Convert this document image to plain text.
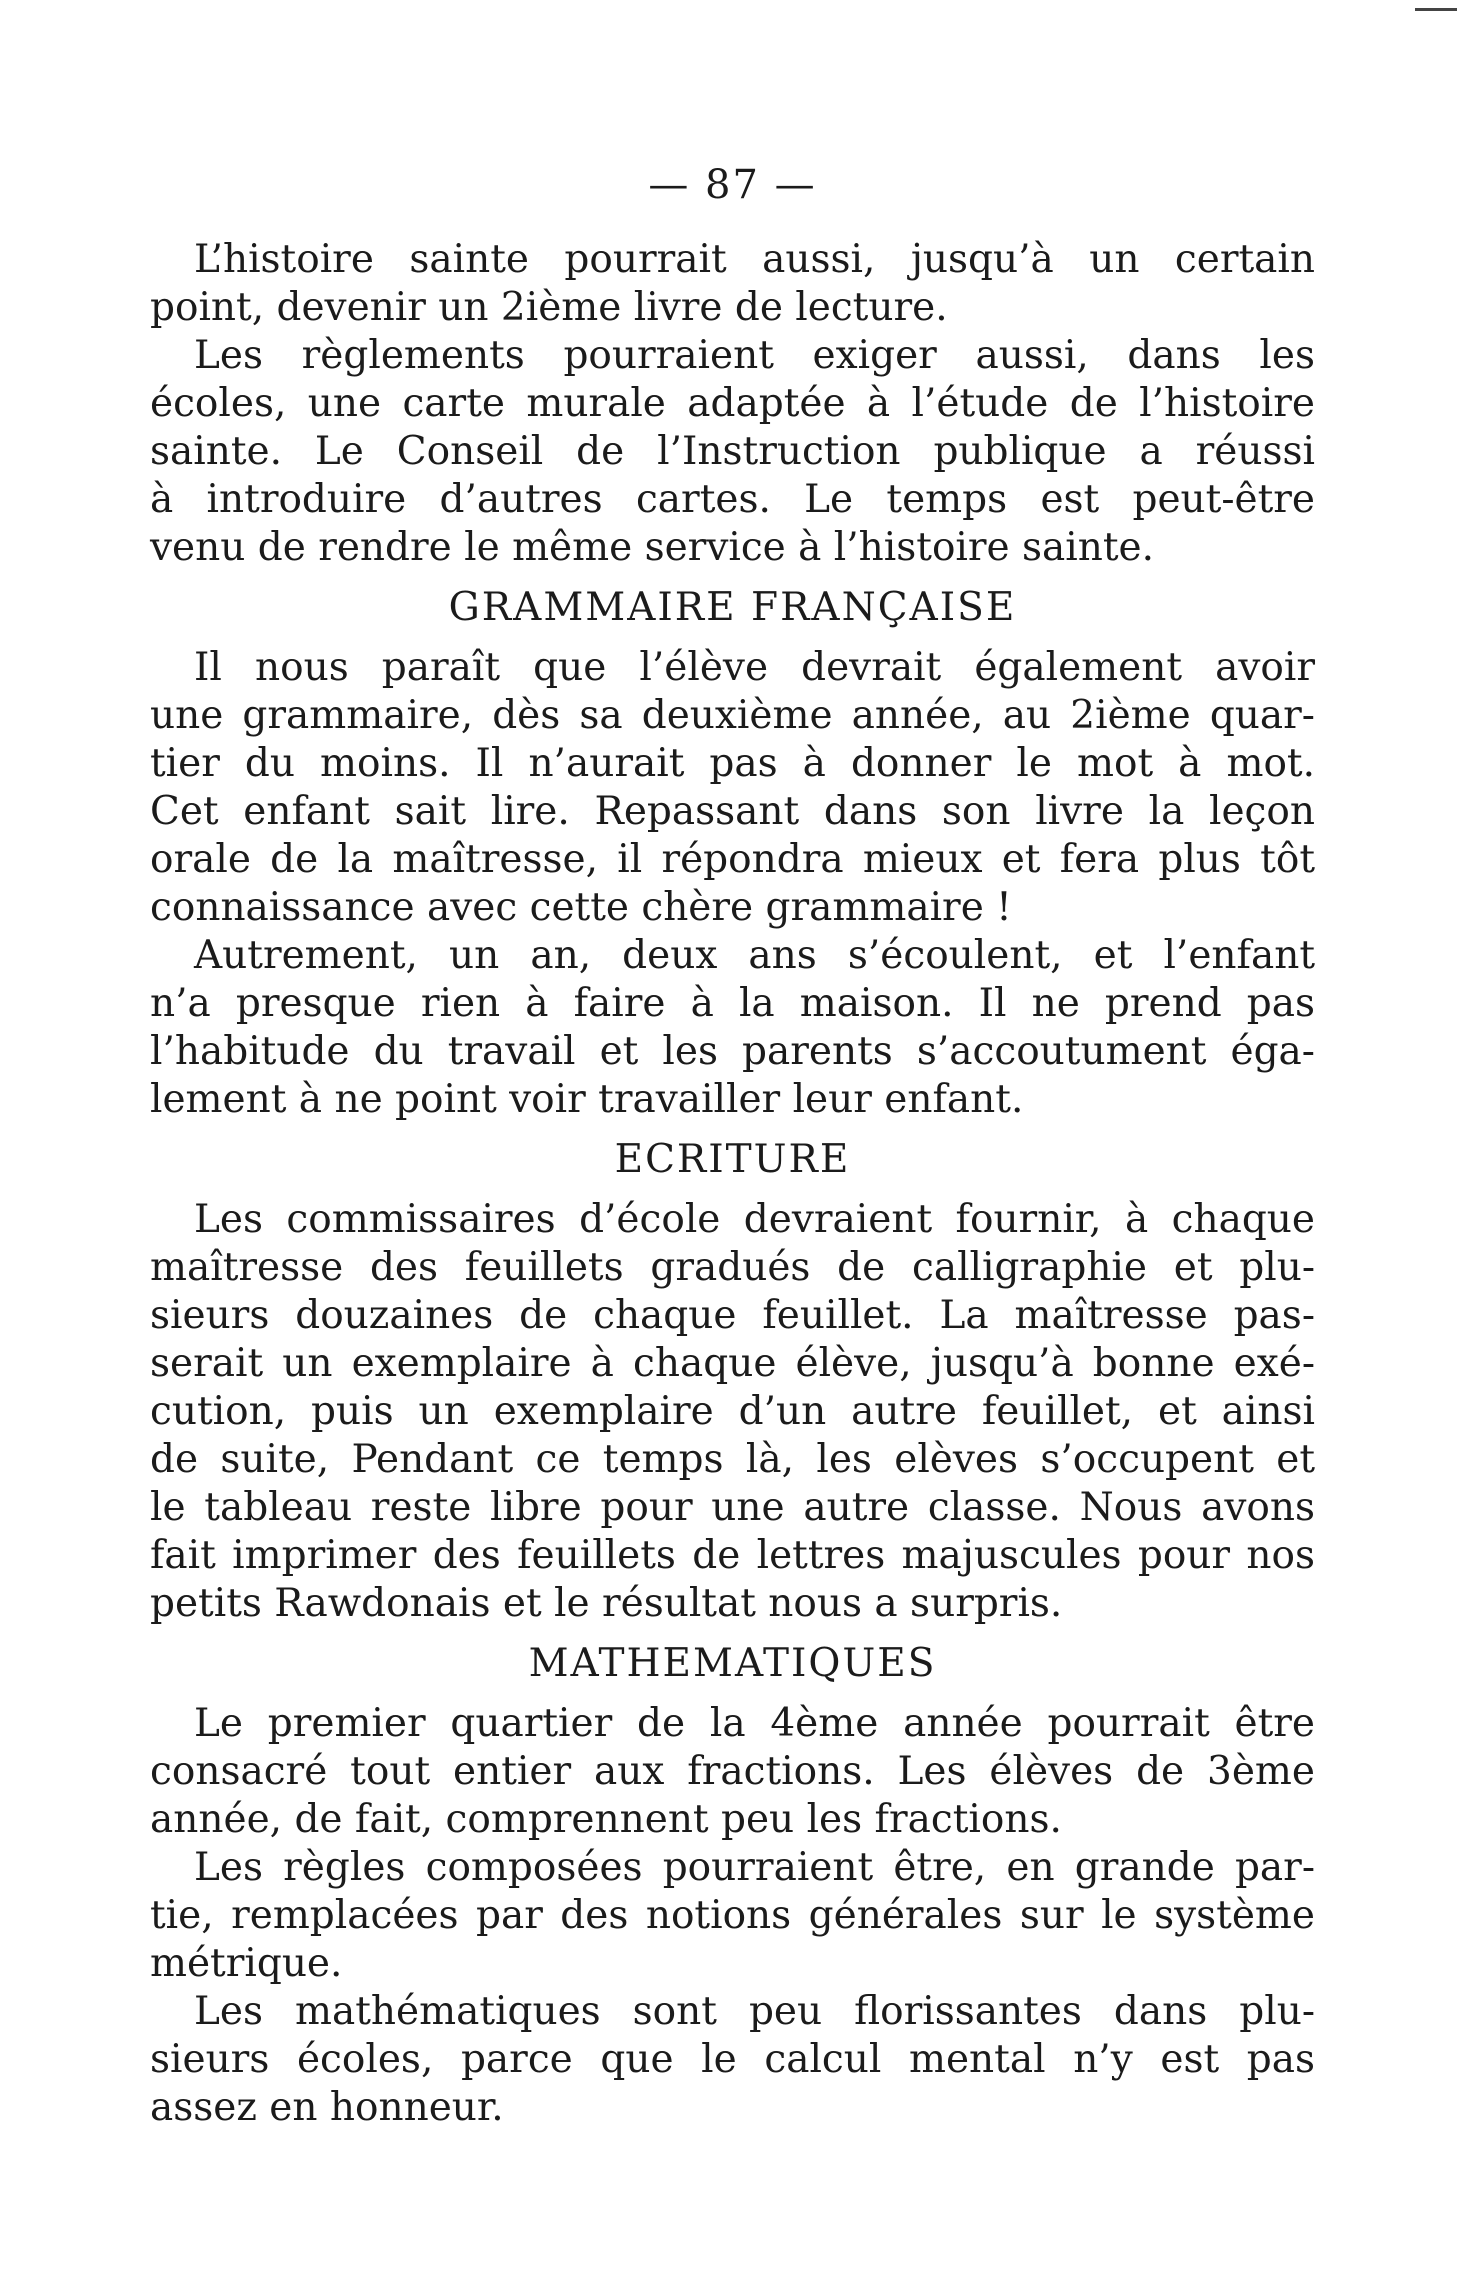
— 87 —

L’histoire sainte pourrait aussi, jusqu’à un certain
point, devenir un 2ième livre de lecture.

Les règlements pourraient exiger aussi, dans les
écoles, une carte murale adaptée à l’étude de l’histoire
sainte. Le Conseil de l’Instruction publique a réussi
à introduire d’autres cartes. Le temps est peut-être
venu de rendre le même service à l’histoire sainte.

GRAMMAIRE FRANÇAISE

Il nous paraît que l’élève devrait également avoir
une grammaire, dès sa deuxième année, au 2ième quar-
tier du moins. Il n’aurait pas à donner le mot à mot.
Cet enfant sait lire. Repassant dans son livre la leçon
orale de la maîtresse, il répondra mieux et fera plus tôt
connaissance avec cette chère grammaire !

Autrement, un an, deux ans s’écoulent, et l’enfant
n’a presque rien à faire à la maison. Il ne prend pas
l’habitude du travail et les parents s’accoutument éga-
lement à ne point voir travailler leur enfant.

ECRITURE

Les commissaires d’école devraient fournir, à chaque
maîtresse des feuillets gradués de calligraphie et plu-
sieurs douzaines de chaque feuillet. La maîtresse pas-
serait un exemplaire à chaque élève, jusqu’à bonne exé-
cution, puis un exemplaire d’un autre feuillet, et ainsi
de suite, Pendant ce temps là, les elèves s’occupent et
le tableau reste libre pour une autre classe. Nous avons
fait imprimer des feuillets de lettres majuscules pour nos
petits Rawdonais et le résultat nous a surpris.

MATHEMATIQUES

Le premier quartier de la 4ème année pourrait être
consacré tout entier aux fractions. Les élèves de 3ème
année, de fait, comprennent peu les fractions.

Les règles composées pourraient être, en grande par-
tie, remplacées par des notions générales sur le système
métrique.

Les mathématiques sont peu florissantes dans plu-
sieurs écoles, parce que le calcul mental n’y est pas
assez en honneur.
